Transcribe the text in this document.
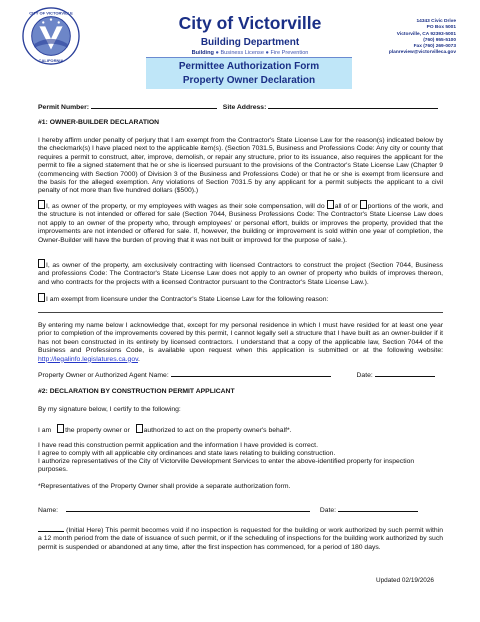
CITY OF VICTORVILLE
CALIFORNIA
City of Victorville
Building Department
Building ● Business License ● Fire Prevention
Permittee Authorization Form
Property Owner Declaration
14343 Civic Drive
PO Box 5001
Victorville, CA 92393-5001
(760) 955-5100
Fax (760) 269-0073
planreview@victorvilleca.gov
Permit Number:	Site Address:
#1: OWNER-BUILDER DECLARATION
I hereby affirm under penalty of perjury that I am exempt from the Contractor's State License Law for the reason(s) indicated below by the checkmark(s) I have placed next to the applicable item(s). (Section 7031.5, Business and Professions Code: Any city or county that requires a permit to construct, alter, improve, demolish, or repair any structure, prior to its issuance, also requires the applicant for the permit to file a signed statement that he or she is licensed pursuant to the provisions of the Contractor's State License Law (Chapter 9 (commencing with Section 7000) of Division 3 of the Business and Professions Code) or that he or she is exempt from licensure and the basis for the alleged exemption. Any violations of Section 7031.5 by any applicant for a permit subjects the applicant to a civil penalty of not more than five hundred dollars ($500).)
I, as owner of the property, or my employees with wages as their sole compensation, will do all of or portions of the work, and the structure is not intended or offered for sale (Section 7044, Business Professions Code: The Contractor's State License Law does not apply to an owner of the property who, through employees' or personal effort, builds or improves the property, provided that the improvements are not intended or offered for sale. If, however, the building or improvement is sold within one year of completion, the Owner-Builder will have the burden of proving that it was not built or improved for the purpose of sale.).
I, as owner of the property, am exclusively contracting with licensed Contractors to construct the project (Section 7044, Business and professions Code: The Contractor's State License Law does not apply to an owner of property who builds of improves thereon, and who contracts for the projects with a licensed Contractor pursuant to the Contractor's State License Law.).
I am exempt from licensure under the Contractor's State License Law for the following reason:
By entering my name below I acknowledge that, except for my personal residence in which I must have resided for at least one year prior to completion of the improvements covered by this permit, I cannot legally sell a structure that I have built as an owner-builder if it has not been constructed in its entirety by licensed contractors. I understand that a copy of the applicable law, Section 7044 of the Business and Professions Code, is available upon request when this application is submitted or at the following website: http://legalinfo.legislatures.ca.gov.
Property Owner or Authorized Agent Name:	Date:
#2: DECLARATION BY CONSTRUCTION PERMIT APPLICANT
By my signature below, I certify to the following:
I am the property owner or authorized to act on the property owner's behalf*.
I have read this construction permit application and the information I have provided is correct.
I agree to comply with all applicable city ordinances and state laws relating to building construction.
I authorize representatives of the City of Victorville Development Services to enter the above-identified property for inspection purposes.
*Representatives of the Property Owner shall provide a separate authorization form.
Name:	Date:
(Initial Here) This permit becomes void if no inspection is requested for the building or work authorized by such permit within a 12 month period from the date of issuance of such permit, or if the scheduling of inspections for the building work authorized by such permit is suspended or abandoned at any time, after the first inspection has commenced, for a period of 180 days.
Updated 02/19/2026
